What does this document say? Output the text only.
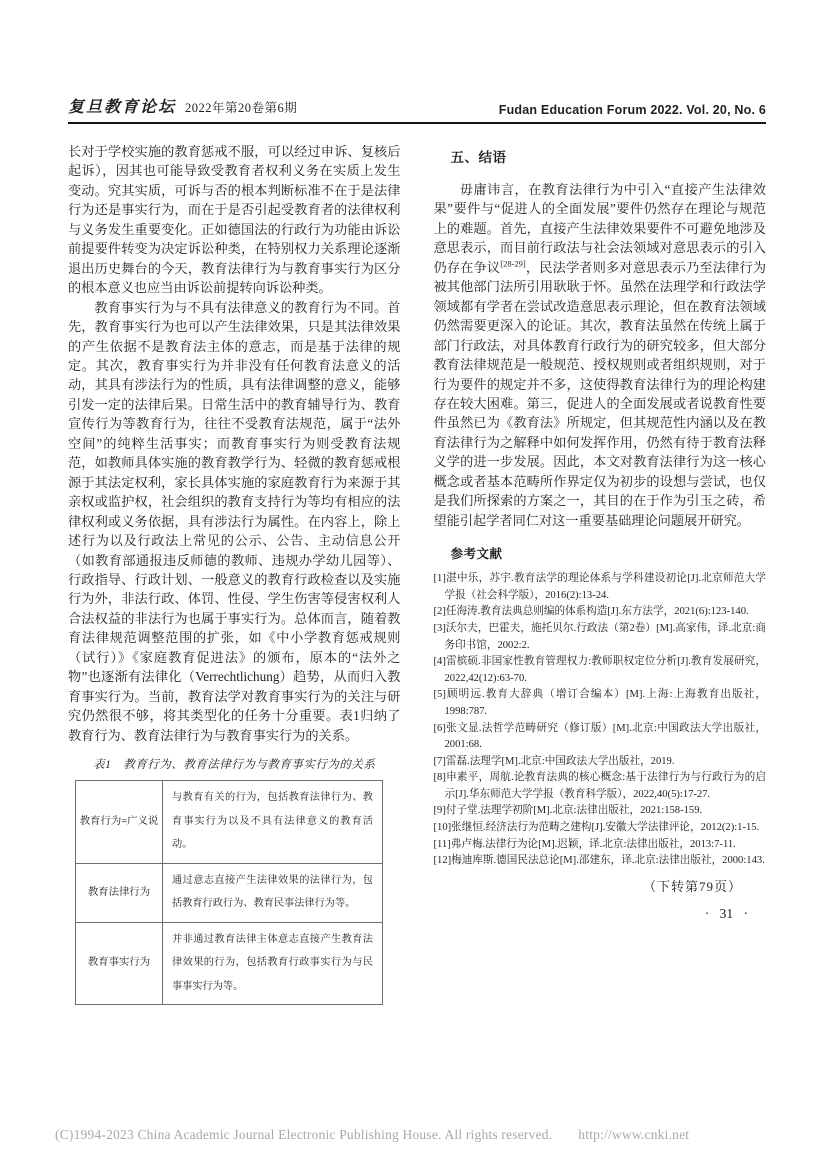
复旦教育论坛 2022年第20卷第6期	Fudan Education Forum 2022. Vol. 20, No. 6

长对于学校实施的教育惩戒不服，可以经过申诉、复核后起诉），因其也可能导致受教育者权利义务在实质上发生变动。究其实质，可诉与否的根本判断标准不在于是法律行为还是事实行为，而在于是否引起受教育者的法律权利与义务发生重要变化。正如德国法的行政行为功能由诉讼前提要件转变为决定诉讼种类，在特别权力关系理论逐渐退出历史舞台的今天，教育法律行为与教育事实行为区分的根本意义也应当由诉讼前提转向诉讼种类。

教育事实行为与不具有法律意义的教育行为不同。首先，教育事实行为也可以产生法律效果，只是其法律效果的产生依据不是教育法主体的意志，而是基于法律的规定。其次，教育事实行为并非没有任何教育法意义的活动，其具有涉法行为的性质，具有法律调整的意义，能够引发一定的法律后果。日常生活中的教育辅导行为、教育宣传行为等教育行为，往往不受教育法规范，属于“法外空间”的纯粹生活事实；而教育事实行为则受教育法规范，如教师具体实施的教育教学行为、轻微的教育惩戒根源于其法定权利，家长具体实施的家庭教育行为来源于其亲权或监护权，社会组织的教育支持行为等均有相应的法律权利或义务依据，具有涉法行为属性。在内容上，除上述行为以及行政法上常见的公示、公告、主动信息公开（如教育部通报违反师德的教师、违规办学幼儿园等）、行政指导、行政计划、一般意义的教育行政检查以及实施行为外，非法行政、体罚、性侵、学生伤害等侵害权利人合法权益的非法行为也属于事实行为。总体而言，随着教育法律规范调整范围的扩张，如《中小学教育惩戒规则（试行）》《家庭教育促进法》的颁布，原本的“法外之物”也逐渐有法律化（Verrechtlichung）趋势，从而归入教育事实行为。当前，教育法学对教育事实行为的关注与研究仍然很不够，将其类型化的任务十分重要。表1归纳了教育行为、教育法律行为与教育事实行为的关系。

表1　教育行为、教育法律行为与教育事实行为的关系
教育行为=广义说	与教育有关的行为，包括教育法律行为、教育事实行为以及不具有法律意义的教育活动。
教育法律行为	通过意志直接产生法律效果的法律行为，包括教育行政行为、教育民事法律行为等。
教育事实行为	并非通过教育法律主体意志直接产生教育法律效果的行为，包括教育行政事实行为与民事事实行为等。
五、结语

毋庸讳言，在教育法律行为中引入“直接产生法律效果”要件与“促进人的全面发展”要件仍然存在理论与规范上的难题。首先，直接产生法律效果要件不可避免地涉及意思表示，而目前行政法与社会法领域对意思表示的引入仍存在争议[28-29]，民法学者则多对意思表示乃至法律行为被其他部门法所引用耿耿于怀。虽然在法理学和行政法学领域都有学者在尝试改造意思表示理论，但在教育法领域仍然需要更深入的论证。其次，教育法虽然在传统上属于部门行政法，对具体教育行政行为的研究较多，但大部分教育法律规范是一般规范、授权规则或者组织规则，对于行为要件的规定并不多，这使得教育法律行为的理论构建存在较大困难。第三，促进人的全面发展或者说教育性要件虽然已为《教育法》所规定，但其规范性内涵以及在教育法律行为之解释中如何发挥作用，仍然有待于教育法释义学的进一步发展。因此，本文对教育法律行为这一核心概念或者基本范畴所作界定仅为初步的设想与尝试，也仅是我们所探索的方案之一，其目的在于作为引玉之砖，希望能引起学者同仁对这一重要基础理论问题展开研究。

参考文献

[1]湛中乐，苏宇.教育法学的理论体系与学科建设初论[J].北京师范大学学报（社会科学版），2016(2):13-24.

[2]任海涛.教育法典总则编的体系构造[J].东方法学，2021(6):123-140.

[3]沃尔夫，巴霍夫，施托贝尔.行政法（第2卷）[M].高家伟，译.北京:商务印书馆，2002:2.

[4]雷槟硕.非国家性教育管理权力:教师职权定位分析[J].教育发展研究，2022,42(12):63-70.

[5]顾明远.教育大辞典（增订合编本）[M].上海:上海教育出版社，1998:787.

[6]张文显.法哲学范畴研究（修订版）[M].北京:中国政法大学出版社，2001:68.

[7]雷磊.法理学[M].北京:中国政法大学出版社，2019.

[8]申素平，周航.论教育法典的核心概念:基于法律行为与行政行为的启示[J].华东师范大学学报（教育科学版），2022,40(5):17-27.

[9]付子堂.法理学初阶[M].北京:法律出版社，2021:158-159.

[10]张继恒.经济法行为范畴之建构[J].安徽大学法律评论，2012(2):1-15.

[11]弗卢梅.法律行为论[M].迟颖，译.北京:法律出版社，2013:7-11.

[12]梅迪库斯.德国民法总论[M].邵建东，译.北京:法律出版社，2000:143.

（下转第79页）
· 31 ·
(C)1994-2023 China Academic Journal Electronic Publishing House. All rights reserved. http://www.cnki.net
